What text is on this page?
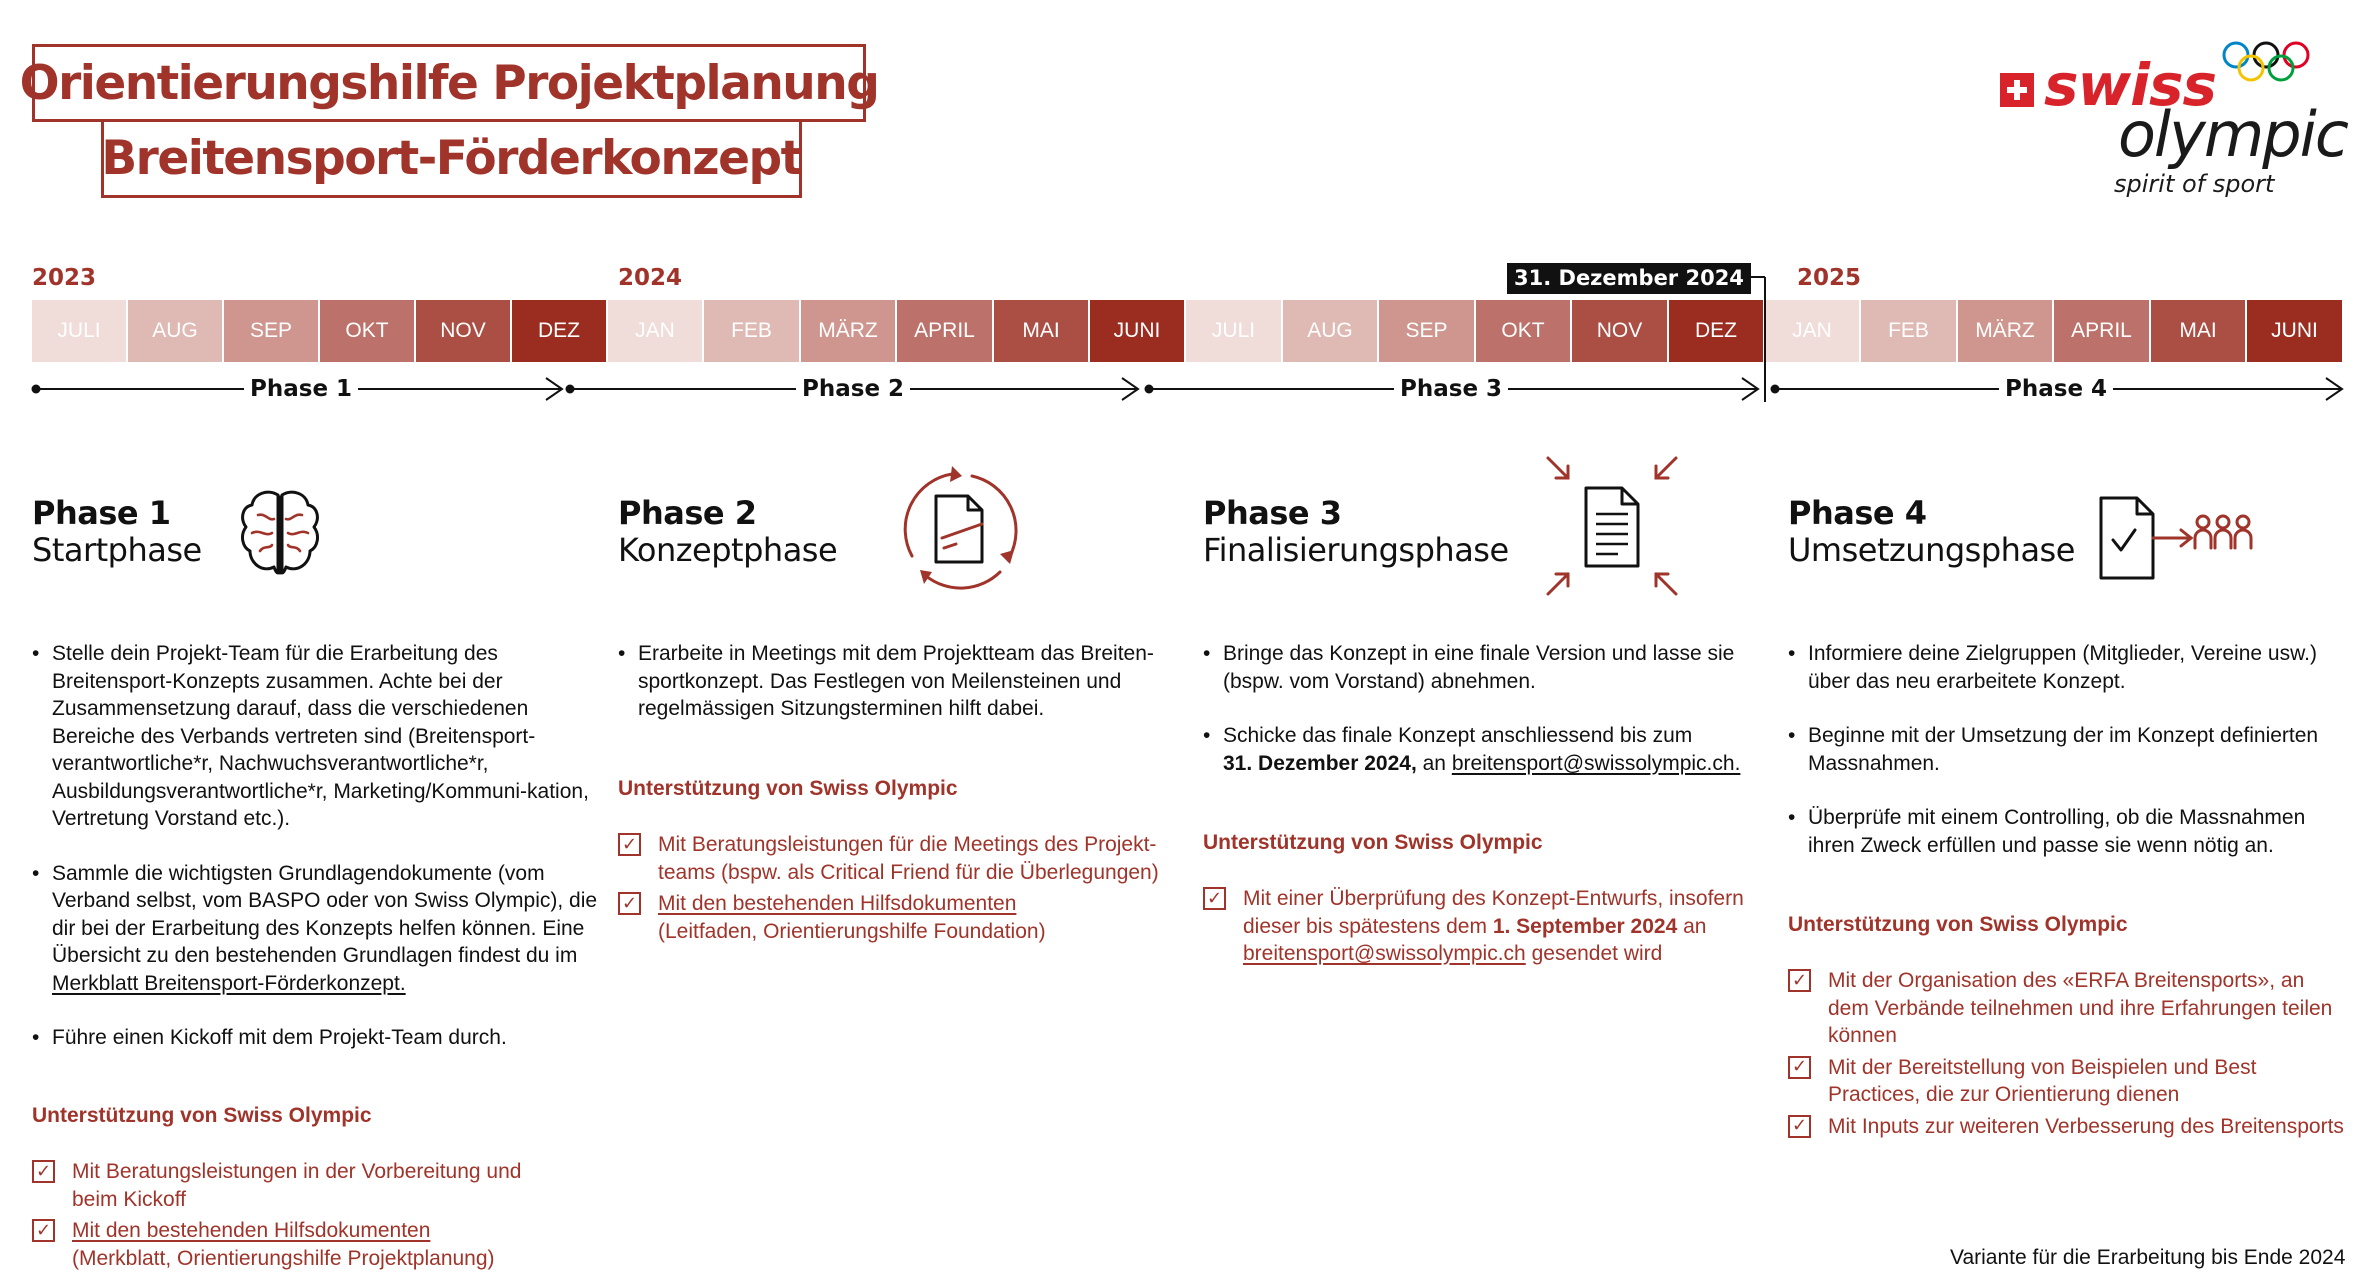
Orientierungshilfe Projektplanung
Breitensport-Förderkonzept
swiss
olympic
spirit of sport
2023	2024	2025
JULI	AUG	SEP	OKT	NOV	DEZ	JAN	FEB	MÄRZ	APRIL	MAI	JUNI	JULI	AUG	SEP	OKT	NOV	DEZ	JAN	FEB	MÄRZ	APRIL	MAI	JUNI
31. Dezember 2024
Phase 1	Phase 2	Phase 3	Phase 4
Phase 1
Startphase
• Stelle dein Projekt-Team für die Erarbeitung des Breitensport-Konzepts zusammen. Achte bei der Zusammensetzung darauf, dass die verschiedenen Bereiche des Verbands vertreten sind (Breitensport-verantwortliche*r, Nachwuchsverantwortliche*r, Ausbildungsverantwortliche*r, Marketing/Kommuni-kation, Vertretung Vorstand etc.).
• Sammle die wichtigsten Grundlagendokumente (vom Verband selbst, vom BASPO oder von Swiss Olympic), die dir bei der Erarbeitung des Konzepts helfen können. Eine Übersicht zu den bestehenden Grundlagen findest du im Merkblatt Breitensport-Förderkonzept.
• Führe einen Kickoff mit dem Projekt-Team durch.
Unterstützung von Swiss Olympic
✓ Mit Beratungsleistungen in der Vorbereitung und beim Kickoff
✓ Mit den bestehenden Hilfsdokumenten
(Merkblatt, Orientierungshilfe Projektplanung)
Phase 2
Konzeptphase
• Erarbeite in Meetings mit dem Projektteam das Breiten-sportkonzept. Das Festlegen von Meilensteinen und regelmässigen Sitzungsterminen hilft dabei.
Unterstützung von Swiss Olympic
✓ Mit Beratungsleistungen für die Meetings des Projekt-teams (bspw. als Critical Friend für die Überlegungen)
✓ Mit den bestehenden Hilfsdokumenten
(Leitfaden, Orientierungshilfe Foundation)
Phase 3
Finalisierungsphase
• Bringe das Konzept in eine finale Version und lasse sie (bspw. vom Vorstand) abnehmen.
• Schicke das finale Konzept anschliessend bis zum
31. Dezember 2024, an breitensport@swissolympic.ch.
Unterstützung von Swiss Olympic
✓ Mit einer Überprüfung des Konzept-Entwurfs, insofern dieser bis spätestens dem 1. September 2024 an
breitensport@swissolympic.ch gesendet wird
Phase 4
Umsetzungsphase
• Informiere deine Zielgruppen (Mitglieder, Vereine usw.) über das neu erarbeitete Konzept.
• Beginne mit der Umsetzung der im Konzept definierten Massnahmen.
• Überprüfe mit einem Controlling, ob die Massnahmen ihren Zweck erfüllen und passe sie wenn nötig an.
Unterstützung von Swiss Olympic
✓ Mit der Organisation des «ERFA Breitensports», an dem Verbände teilnehmen und ihre Erfahrungen teilen können
✓ Mit der Bereitstellung von Beispielen und Best Practices, die zur Orientierung dienen
✓ Mit Inputs zur weiteren Verbesserung des Breitensports
Variante für die Erarbeitung bis Ende 2024
